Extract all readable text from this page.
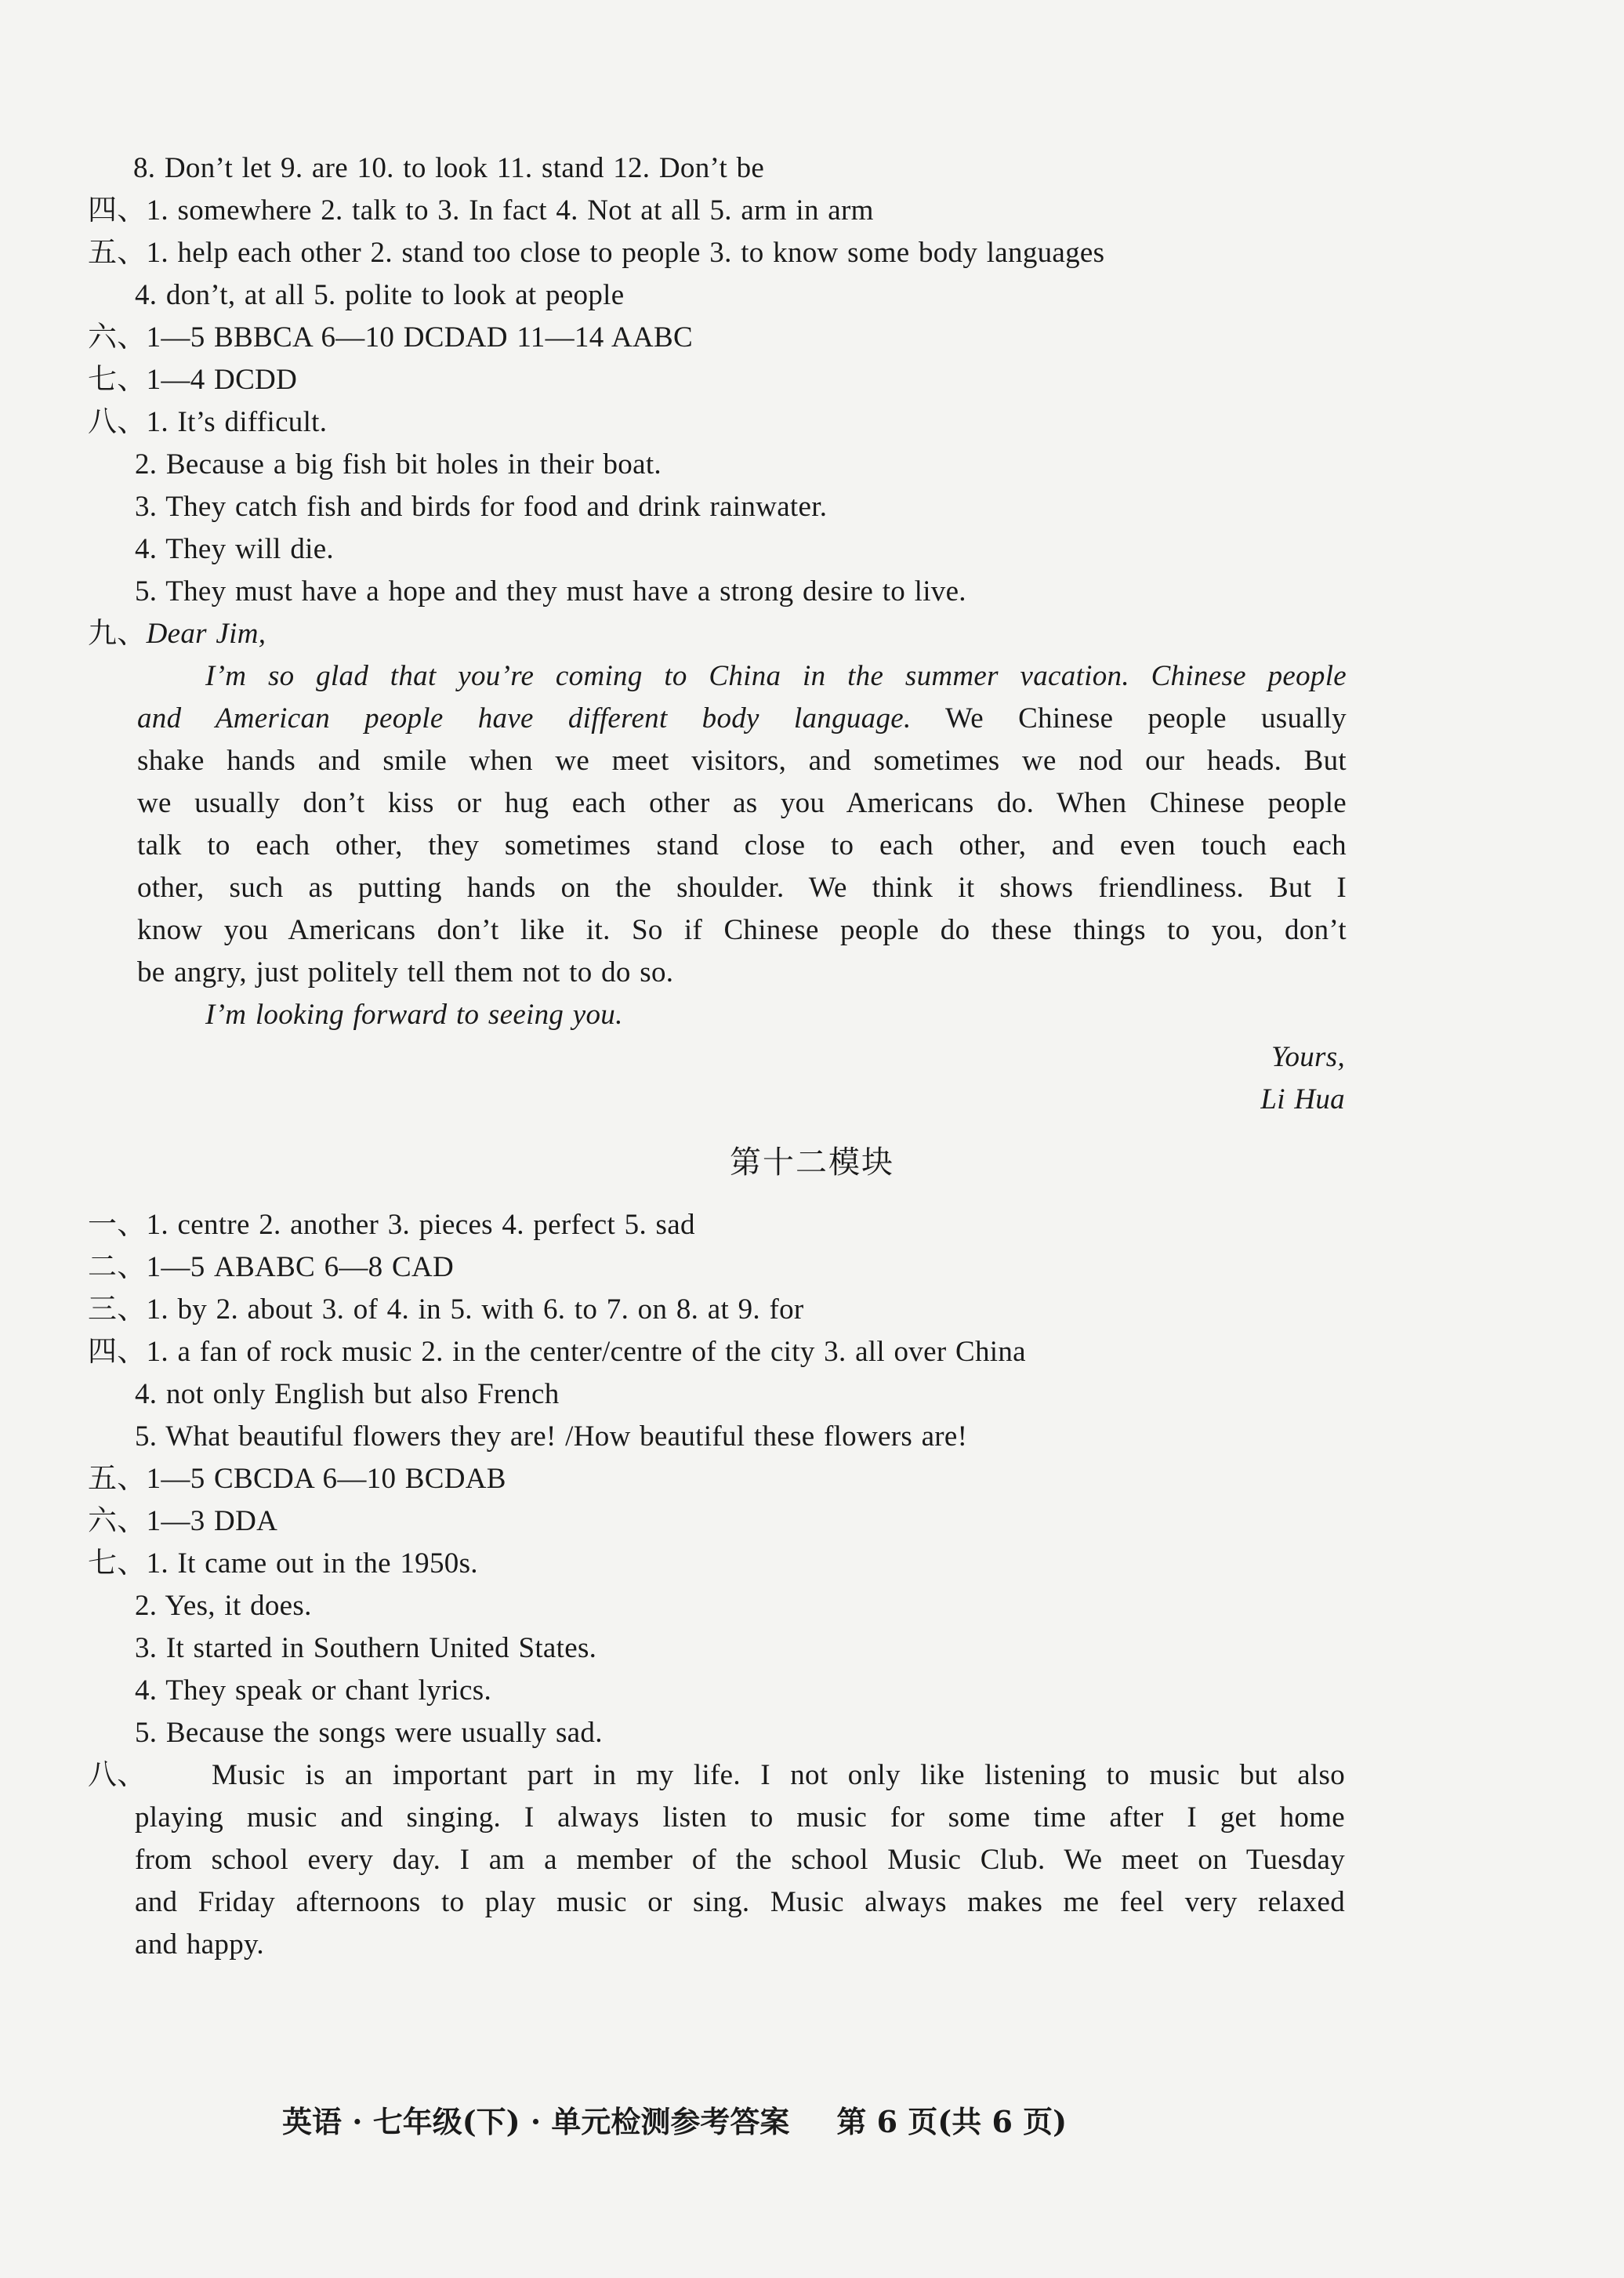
8. Don’t let 9. are 10. to look 11. stand 12. Don’t be
四、1. somewhere 2. talk to 3. In fact 4. Not at all 5. arm in arm
五、1. help each other 2. stand too close to people 3. to know some body languages
4. don’t, at all 5. polite to look at people
六、1—5 BBBCA 6—10 DCDAD 11—14 AABC
七、1—4 DCDD
八、1. It’s difficult.
2. Because a big fish bit holes in their boat.
3. They catch fish and birds for food and drink rainwater.
4. They will die.
5. They must have a hope and they must have a strong desire to live.
九、Dear Jim,
I’m so glad that you’re coming to China in the summer vacation. Chinese people
and American people have different body language. We Chinese people usually
shake hands and smile when we meet visitors, and sometimes we nod our heads. But
we usually don’t kiss or hug each other as you Americans do. When Chinese people
talk to each other, they sometimes stand close to each other, and even touch each
other, such as putting hands on the shoulder. We think it shows friendliness. But I
know you Americans don’t like it. So if Chinese people do these things to you, don’t
be angry, just politely tell them not to do so.
I’m looking forward to seeing you.
Yours,
Li Hua
第十二模块
一、1. centre 2. another 3. pieces 4. perfect 5. sad
二、1—5 ABABC 6—8 CAD
三、1. by 2. about 3. of 4. in 5. with 6. to 7. on 8. at 9. for
四、1. a fan of rock music 2. in the center/centre of the city 3. all over China
4. not only English but also French
5. What beautiful flowers they are! /How beautiful these flowers are!
五、1—5 CBCDA 6—10 BCDAB
六、1—3 DDA
七、1. It came out in the 1950s.
2. Yes, it does.
3. It started in Southern United States.
4. They speak or chant lyrics.
5. Because the songs were usually sad.
八、 Music is an important part in my life. I not only like listening to music but also
playing music and singing. I always listen to music for some time after I get home
from school every day. I am a member of the school Music Club. We meet on Tuesday
and Friday afternoons to play music or sing. Music always makes me feel very relaxed
and happy.
英语 · 七年级(下) · 单元检测参考答案 第 6 页(共 6 页)
